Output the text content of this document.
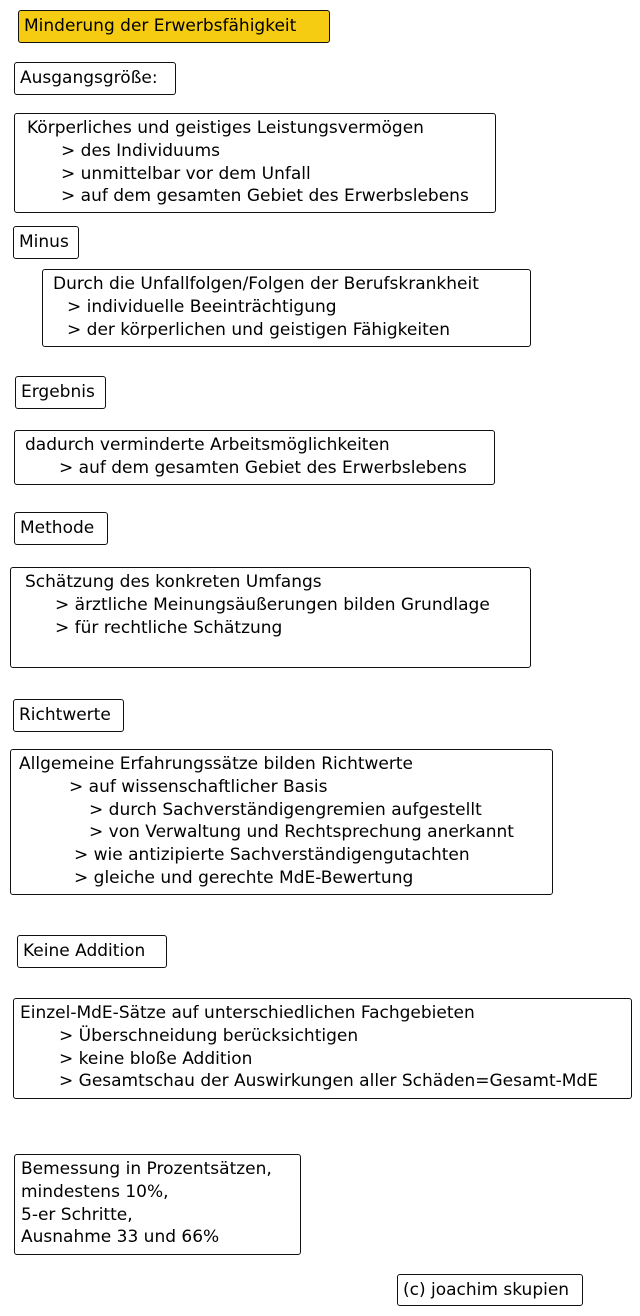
Minderung der Erwerbsfähigkeit
Ausgangsgröße:
Körperliches und geistiges Leistungsvermögen
> des Individuums
> unmittelbar vor dem Unfall
> auf dem gesamten Gebiet des Erwerbslebens
Minus
Durch die Unfallfolgen/Folgen der Berufskrankheit
> individuelle Beeinträchtigung
> der körperlichen und geistigen Fähigkeiten
Ergebnis
dadurch verminderte Arbeitsmöglichkeiten
> auf dem gesamten Gebiet des Erwerbslebens
Methode
Schätzung des konkreten Umfangs
> ärztliche Meinungsäußerungen bilden Grundlage
> für rechtliche Schätzung
Richtwerte
Allgemeine Erfahrungssätze bilden Richtwerte
> auf wissenschaftlicher Basis
> durch Sachverständigengremien aufgestellt
> von Verwaltung und Rechtsprechung anerkannt
> wie antizipierte Sachverständigengutachten
> gleiche und gerechte MdE-Bewertung
Keine Addition
Einzel-MdE-Sätze auf unterschiedlichen Fachgebieten
> Überschneidung berücksichtigen
> keine bloße Addition
> Gesamtschau der Auswirkungen aller Schäden=Gesamt-MdE
Bemessung in Prozentsätzen,
mindestens 10%,
5-er Schritte,
Ausnahme 33 und 66%
(c) joachim skupien
